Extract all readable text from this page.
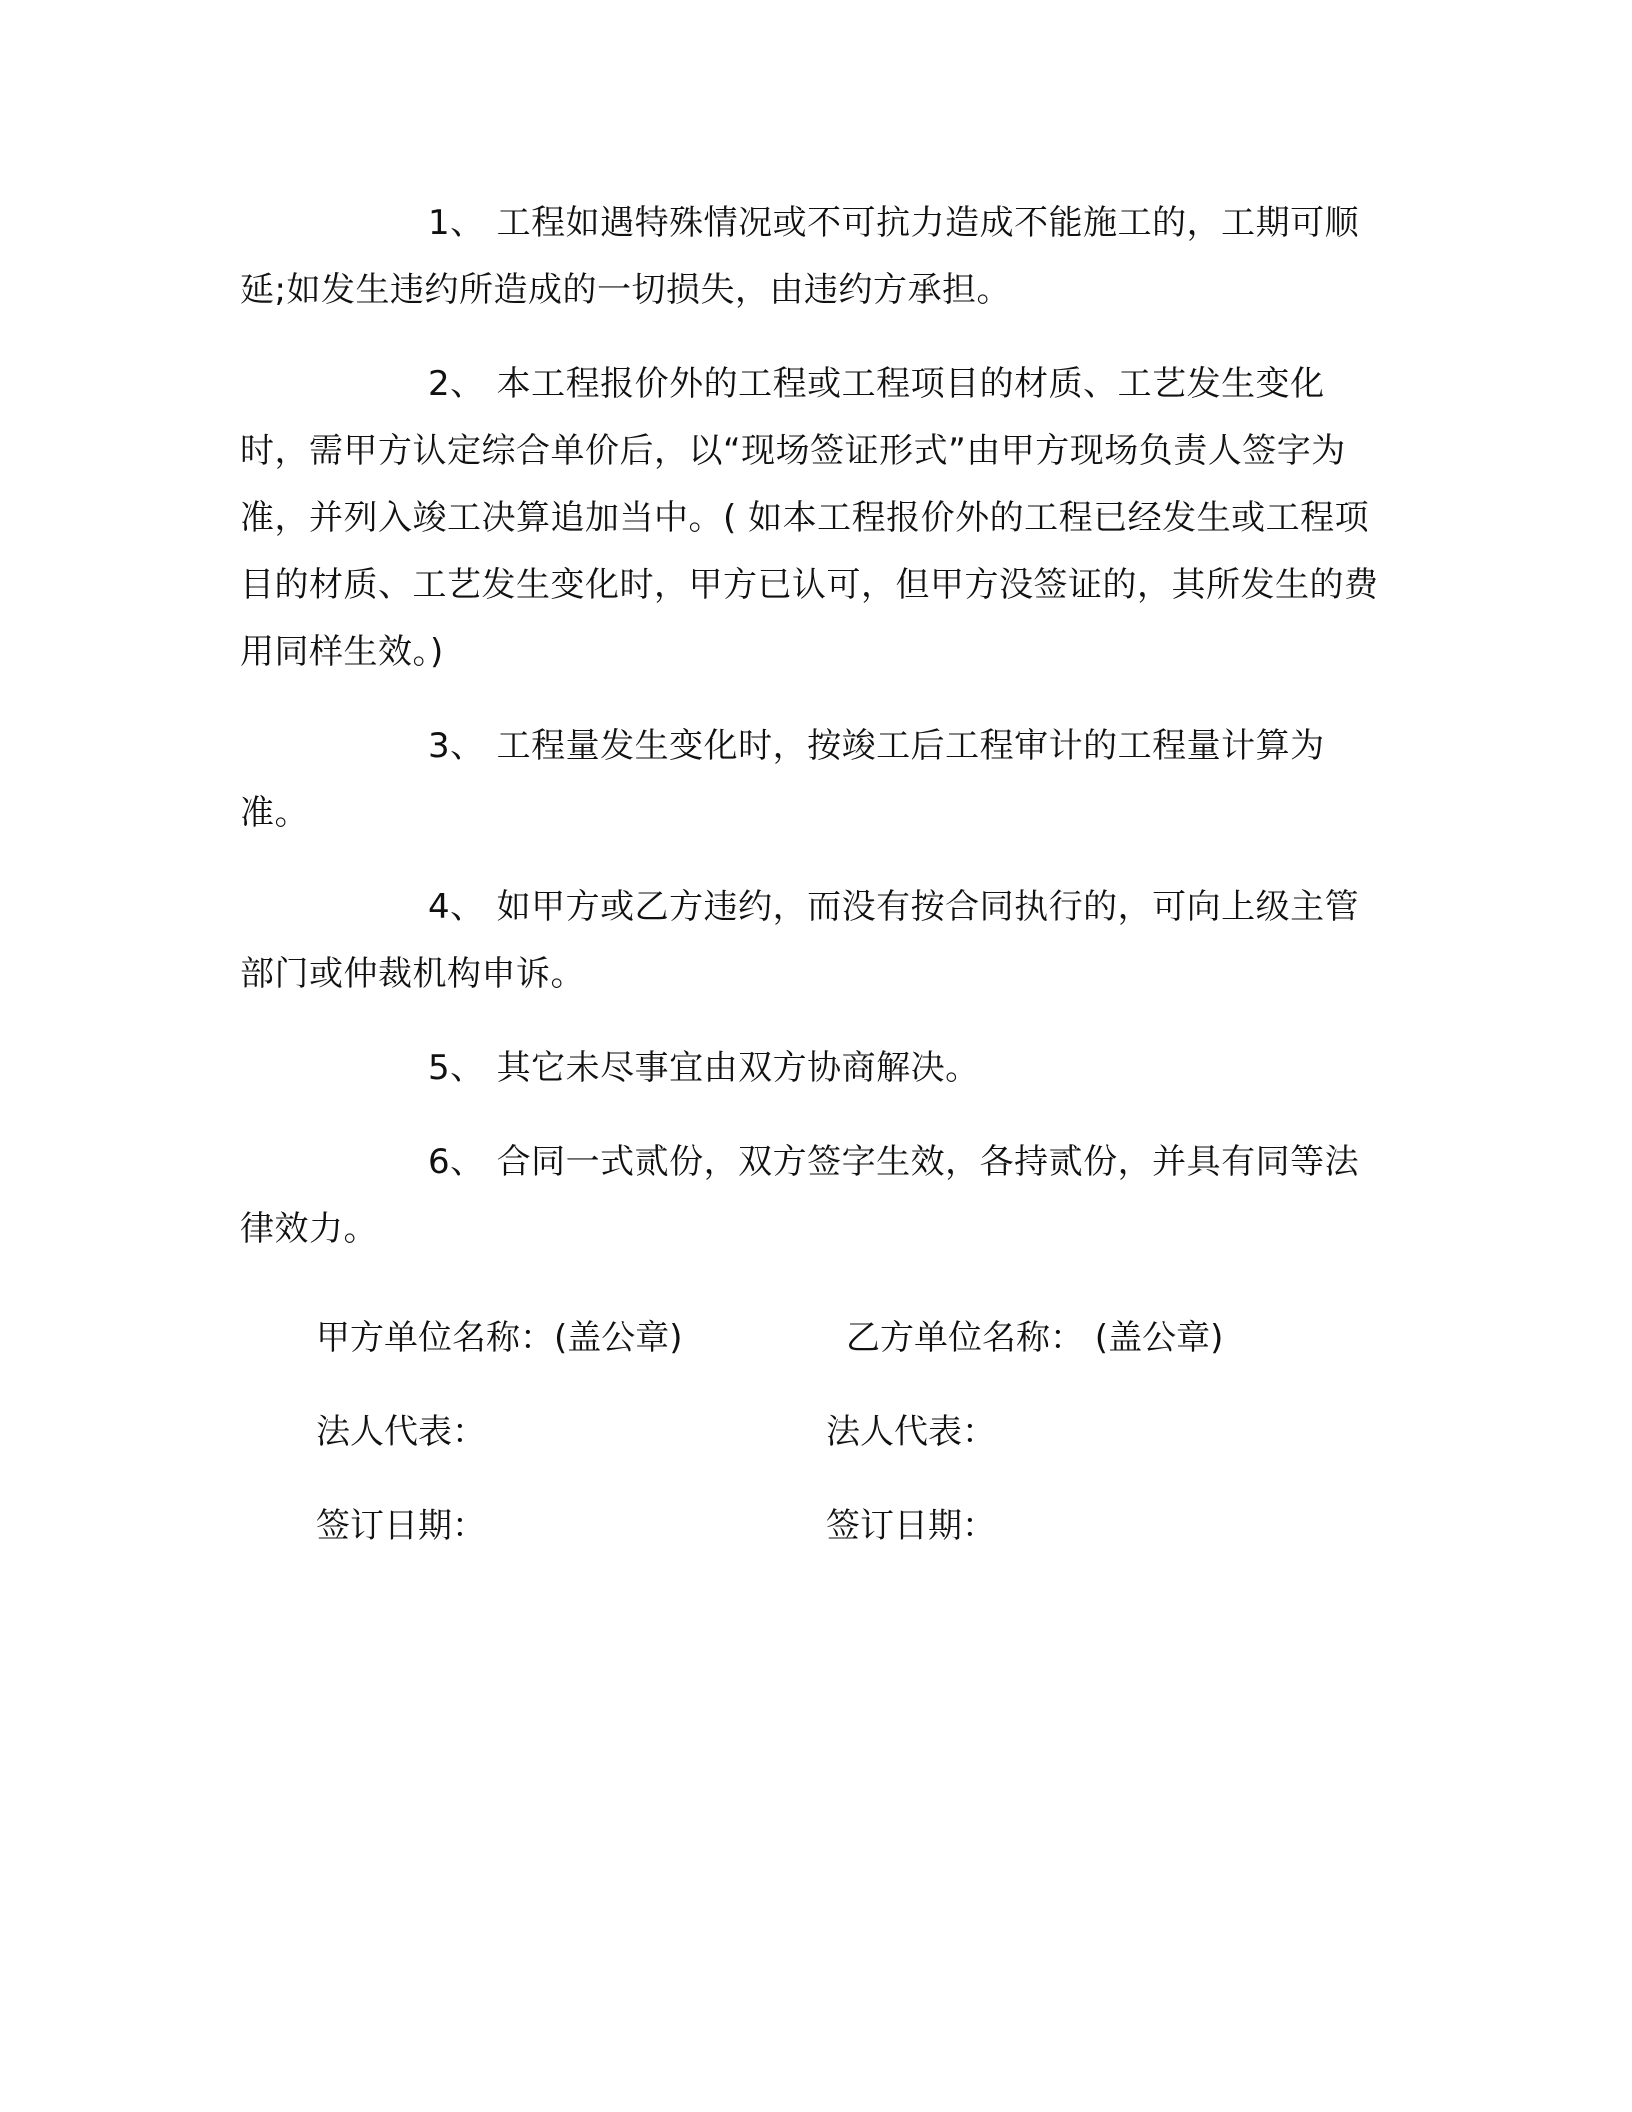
1、 工程如遇特殊情况或不可抗力造成不能施工的，工期可顺延;如发生违约所造成的一切损失，由违约方承担。

2、 本工程报价外的工程或工程项目的材质、工艺发生变化时，需甲方认定综合单价后，以“现场签证形式”由甲方现场负责人签字为准，并列入竣工决算追加当中。( 如本工程报价外的工程已经发生或工程项目的材质、工艺发生变化时，甲方已认可，但甲方没签证的，其所发生的费用同样生效。)

3、 工程量发生变化时，按竣工后工程审计的工程量计算为准。

4、 如甲方或乙方违约，而没有按合同执行的，可向上级主管部门或仲裁机构申诉。

5、 其它未尽事宜由双方协商解决。

6、 合同一式贰份，双方签字生效，各持贰份，并具有同等法律效力。

甲方单位名称：(盖公章)	乙方单位名称： (盖公章)
法人代表：	法人代表：
签订日期：	签订日期：
